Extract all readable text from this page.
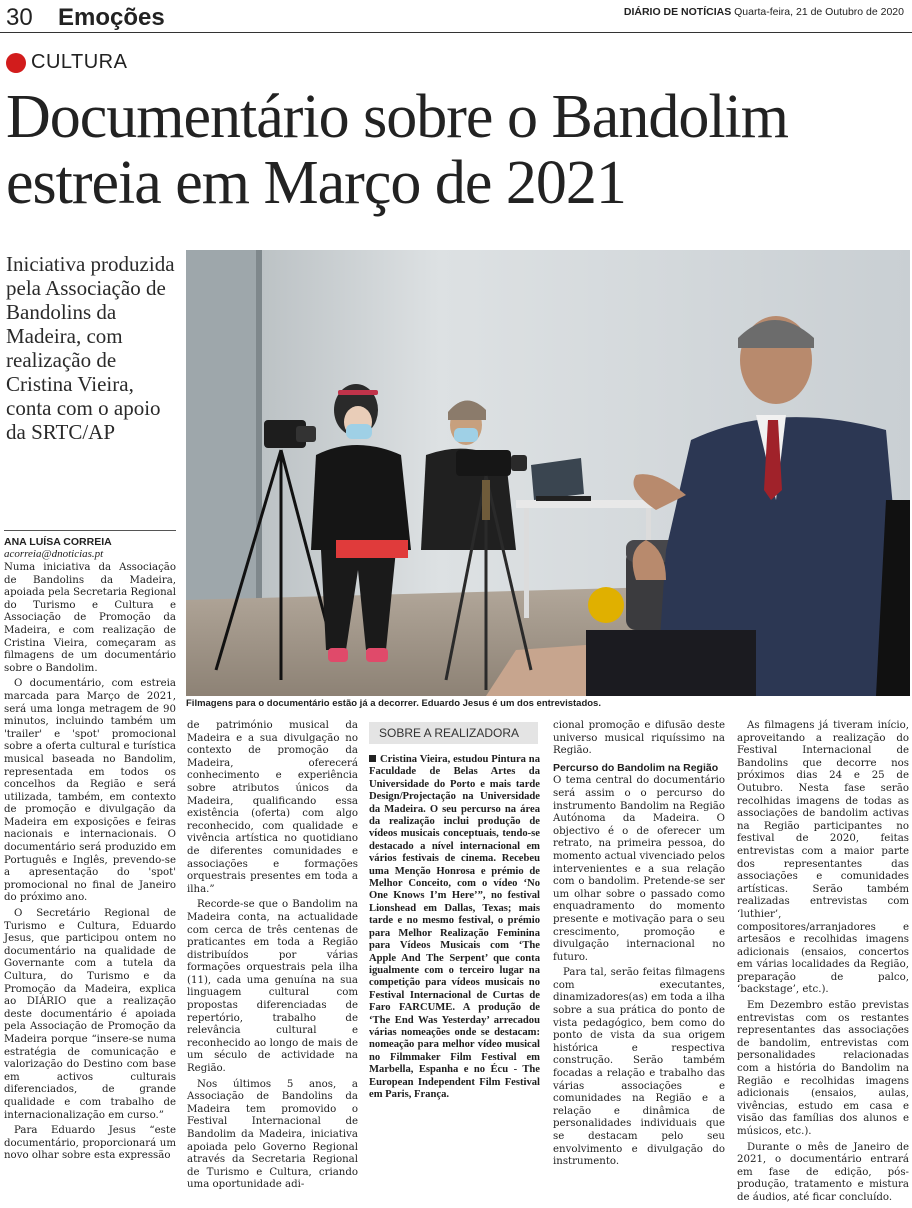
30 Emoções	DIÁRIO DE NOTÍCIAS Quarta-feira, 21 de Outubro de 2020
CULTURA
Documentário sobre o Bandolim estreia em Março de 2021
Iniciativa produzida pela Associação de Bandolins da Madeira, com realização de Cristina Vieira, conta com o apoio da SRTC/AP
ANA LUÍSA CORREIA
acorreia@dnoticias.pt
Filmagens para o documentário estão já a decorrer. Eduardo Jesus é um dos entrevistados.

Numa iniciativa da Associação de Bandolins da Madeira, apoiada pela Secretaria Regional do Turismo e Cultura e Associação de Promoção da Madeira, e com realização de Cristina Vieira, começaram as filmagens de um documentário sobre o Bandolim.

O documentário, com estreia marcada para Março de 2021, será uma longa metragem de 90 minutos, incluindo também um 'trailer' e 'spot' promocional sobre a oferta cultural e turística musical baseada no Bandolim, representada em todos os concelhos da Região e será utilizada, também, em contexto de promoção e divulgação da Madeira em exposições e feiras nacionais e internacionais. O documentário será produzido em Português e Inglês, prevendo-se a apresentação do 'spot' promocional no final de Janeiro do próximo ano.

O Secretário Regional de Turismo e Cultura, Eduardo Jesus, que participou ontem no documentário na qualidade de Governante com a tutela da Cultura, do Turismo e da Promoção da Madeira, explica ao DIÁRIO que a realização deste documentário é apoiada pela Associação de Promoção da Madeira porque “insere-se numa estratégia de comunicação e valorização do Destino com base em activos culturais diferenciados, de grande qualidade e com trabalho de internacionalização em curso.”

Para Eduardo Jesus “este documentário, proporcionará um novo olhar sobre esta expressão

de património musical da Madeira e a sua divulgação no contexto de promoção da Madeira, oferecerá conhecimento e experiência sobre atributos únicos da Madeira, qualificando essa existência (oferta) com algo reconhecido, com qualidade e vivência artística no quotidiano de diferentes comunidades e associações e formações orquestrais presentes em toda a ilha.”

Recorde-se que o Bandolim na Madeira conta, na actualidade com cerca de três centenas de praticantes em toda a Região distribuídos por várias formações orquestrais pela ilha (11), cada uma genuína na sua linguagem cultural com propostas diferenciadas de repertório, trabalho de relevância cultural e reconhecido ao longo de mais de um século de actividade na Região.

Nos últimos 5 anos, a Associação de Bandolins da Madeira tem promovido o Festival Internacional de Bandolim da Madeira, iniciativa apoiada pelo Governo Regional através da Secretaria Regional de Turismo e Cultura, criando uma oportunidade adi-

SOBRE A REALIZADORA

Cristina Vieira, estudou Pintura na Faculdade de Belas Artes da Universidade do Porto e mais tarde Design/Projectação na Universidade da Madeira. O seu percurso na área da realização inclui produção de vídeos musicais conceptuais, tendo-se destacado a nível internacional em vários festivais de cinema. Recebeu uma Menção Honrosa e prémio de Melhor Conceito, com o vídeo ‘No One Knows I’m Here’”, no festival Lionshead em Dallas, Texas; mais tarde e no mesmo festival, o prémio para Melhor Realização Feminina para Vídeos Musicais com ‘The Apple And The Serpent’ que conta igualmente com o terceiro lugar na competição para vídeos musicais no Festival Internacional de Curtas de Faro FARCUME. A produção de ‘The End Was Yesterday’ arrecadou várias nomeações onde se destacam: nomeação para melhor vídeo musical no Filmmaker Film Festival em Marbella, Espanha e no Écu - The European Independent Film Festival em Paris, França.

cional promoção e difusão deste universo musical riquíssimo na Região.

Percurso do Bandolim na Região

O tema central do documentário será assim o o percurso do instrumento Bandolim na Região Autónoma da Madeira. O objectivo é o de oferecer um retrato, na primeira pessoa, do momento actual vivenciado pelos intervenientes e a sua relação com o bandolim. Pretende-se ser um olhar sobre o passado como enquadramento do momento presente e motivação para o seu crescimento, promoção e divulgação internacional no futuro.

Para tal, serão feitas filmagens com executantes, dinamizadores(as) em toda a ilha sobre a sua prática do ponto de vista pedagógico, bem como do ponto de vista da sua origem histórica e respectiva construção. Serão também focadas a relação e trabalho das várias associações e comunidades na Região e a relação e dinâmica de personalidades individuais que se destacam pelo seu envolvimento e divulgação do instrumento.

As filmagens já tiveram início, aproveitando a realização do Festival Internacional de Bandolins que decorre nos próximos dias 24 e 25 de Outubro. Nesta fase serão recolhidas imagens de todas as associações de bandolim activas na Região participantes no festival de 2020, feitas entrevistas com a maior parte dos representantes das associações e comunidades artísticas. Serão também realizadas entrevistas com ‘luthier’, compositores/arranjadores e artesãos e recolhidas imagens adicionais (ensaios, concertos em várias localidades da Região, preparação de palco, ‘backstage’, etc.).

Em Dezembro estão previstas entrevistas com os restantes representantes das associações de bandolim, entrevistas com personalidades relacionadas com a história do Bandolim na Região e recolhidas imagens adicionais (ensaios, aulas, vivências, estudo em casa e visão das famílias dos alunos e músicos, etc.).

Durante o mês de Janeiro de 2021, o documentário entrará em fase de edição, pós-produção, tratamento e mistura de áudios, até ficar concluído.
